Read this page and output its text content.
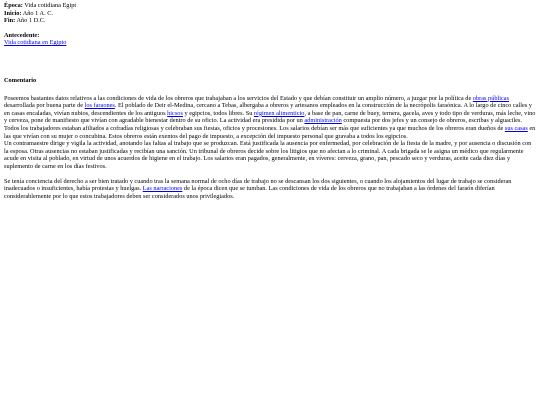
Época: Vida cotidiana Egipt
Inicio: Año 1 A. C.
Fin: Año 1 D.C.
Antecedente:
Vida cotidiana en Egipto
Comentario

Poseemos bastantes datos relativos a las condiciones de vida de los obreros que trabajaban a los servicios del Estado y que debían constituir un amplio número, a juzgar por la política de obras públicas desarrollada por buena parte de los faraones. El poblado de Deir el-Medina, cercano a Tebas, albergaba a obreros y artesanos empleados en la construcción de la necrópolis faraónica. A lo largo de cinco calles y en casas encaladas, vivían nubios, descendientes de los antiguos hicsos y egipcios, todos libres. Su régimen alimenticio, a base de pan, carne de buey, ternera, gacela, aves y todo tipo de verduras, más leche, vino y cerveza, pone de manifiesto que vivían con agradable bienestar dentro de su oficio. La actividad era presidida por un administración compuesta por dos jefes y un consejo de obreros, escribas y alguaciles. Todos los trabajadores estaban afiliados a cofradías religiosas y celebraban sus fiestas, oficios y procesiones. Los salarios debían ser más que suficientes ya que muchos de los obreros eran dueños de sus casas en las que vivían con su mujer o concubina. Estos obreros están exentos del pago de impuesto, a excepción del impuesto personal que gravaba a todos los egipcios.

Un contramaestre dirige y vigila la actividad, anotando las faltas al trabajo que se produzcan. Está justificada la ausencia por enfermedad, por celebración de la fiesta de la madre, y por ausencia o discusión con la esposa. Otras ausencias no estaban justificadas y recibían una sanción. Un tribunal de obreros decide sobre los litigios que no afectan a lo criminal. A cada brigada se le asigna un médico que regularmente acude en visita al poblado, en virtud de unos acuerdos de higiene en el trabajo. Los salarios eran pagados, generalmente, en víveres: cerveza, grano, pan, pescado seco y verduras, aceite cada diez días y suplemento de carne en los días festivos.

Se tenía conciencia del derecho a ser bien tratado y cuando tras la semana normal de ocho días de trabajo no se descansan los dos siguientes, o cuando los alojamientos del lugar de trabajo se consideran inadecuados o insuficientes, había protestas y huelgas. Las narraciones de la época dicen que se tumban. Las condiciones de vida de los obreros que no trabajaban a las órdenes del faraón diferían considerablemente por lo que estos trabajadores deben ser considerados unos privilegiados.
